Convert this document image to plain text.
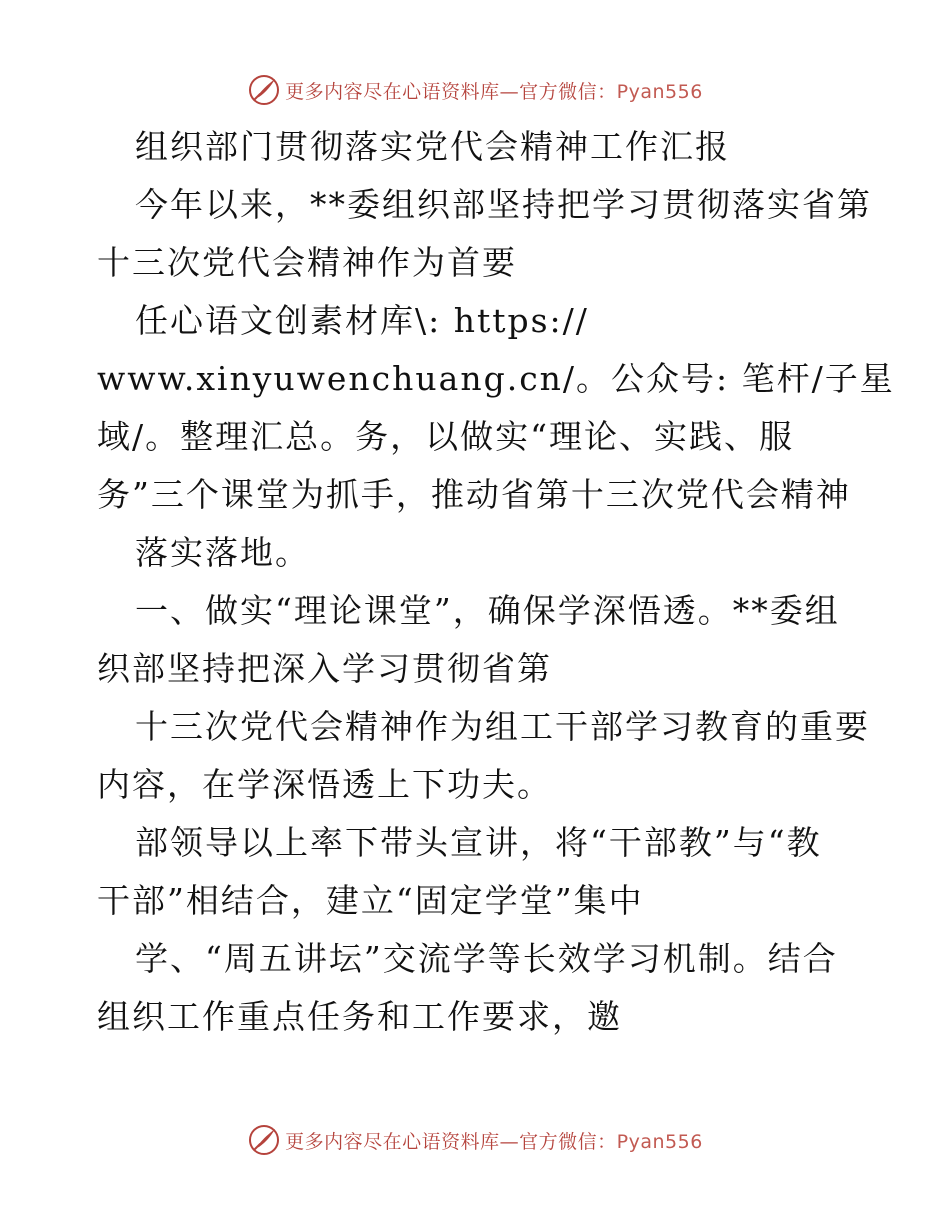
更多内容尽在心语资料库—官方微信：Pyan556
组织部门贯彻落实党代会精神工作汇报
今年以来，**委组织部坚持把学习贯彻落实省第
十三次党代会精神作为首要
任心语文创素材库\: https://
www.xinyuwenchuang.cn/。公众号: 笔杆/子星
域/。整理汇总。务，以做实“理论、实践、服
务”三个课堂为抓手，推动省第十三次党代会精神
落实落地。
一、做实“理论课堂”，确保学深悟透。**委组
织部坚持把深入学习贯彻省第
十三次党代会精神作为组工干部学习教育的重要
内容，在学深悟透上下功夫。
部领导以上率下带头宣讲，将“干部教”与“教
干部”相结合，建立“固定学堂”集中
学、“周五讲坛”交流学等长效学习机制。结合
组织工作重点任务和工作要求，邀
更多内容尽在心语资料库—官方微信：Pyan556
